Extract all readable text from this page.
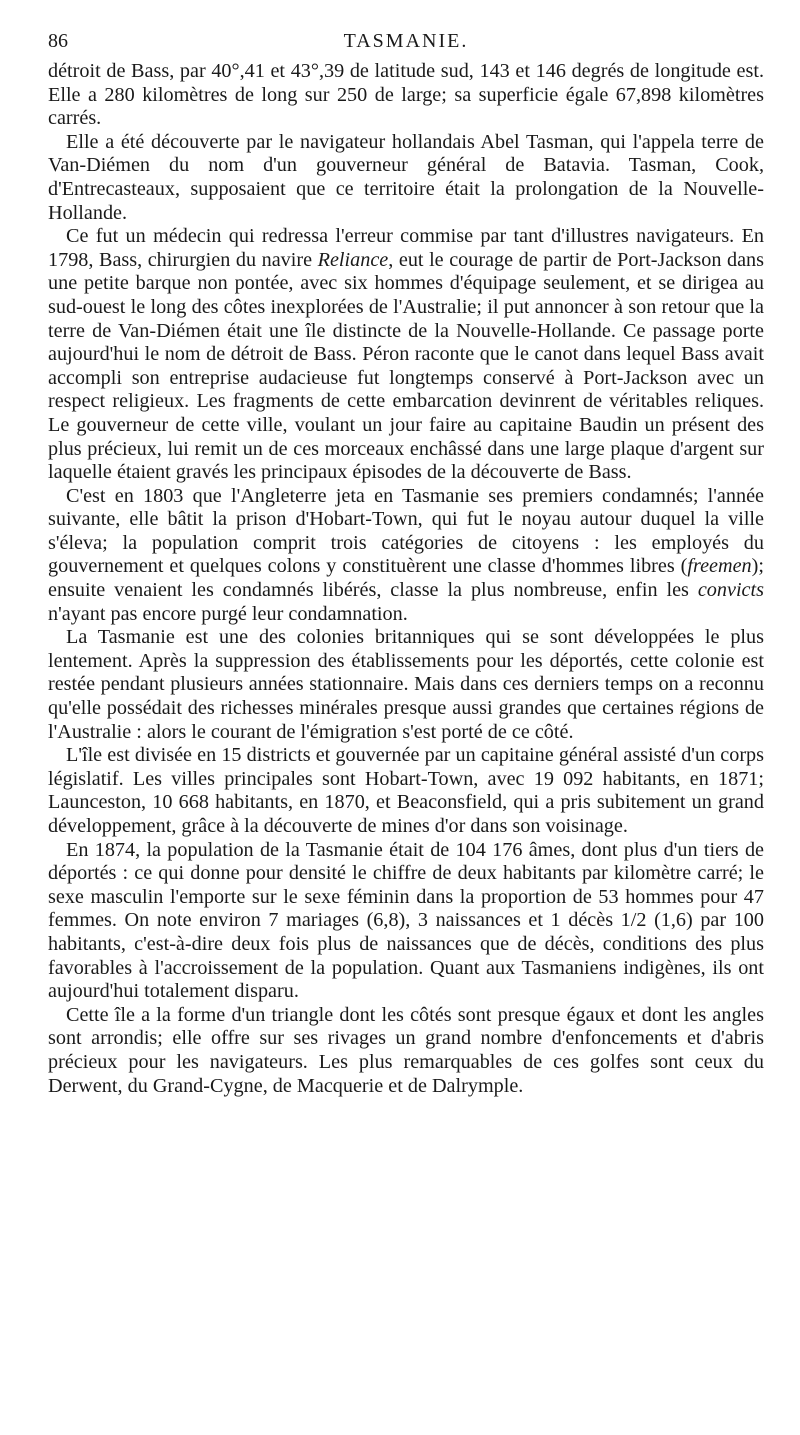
86	TASMANIE.

détroit de Bass, par 40°,41 et 43°,39 de latitude sud, 143 et 146 degrés de longitude est. Elle a 280 kilomètres de long sur 250 de large; sa superficie égale 67,898 kilomètres carrés.

Elle a été découverte par le navigateur hollandais Abel Tasman, qui l'appela terre de Van-Diémen du nom d'un gouverneur général de Batavia. Tasman, Cook, d'Entrecasteaux, supposaient que ce territoire était la prolongation de la Nouvelle-Hollande.

Ce fut un médecin qui redressa l'erreur commise par tant d'illustres navigateurs. En 1798, Bass, chirurgien du navire Reliance, eut le courage de partir de Port-Jackson dans une petite barque non pontée, avec six hommes d'équipage seulement, et se dirigea au sud-ouest le long des côtes inexplorées de l'Australie; il put annoncer à son retour que la terre de Van-Diémen était une île distincte de la Nouvelle-Hollande. Ce passage porte aujourd'hui le nom de détroit de Bass. Péron raconte que le canot dans lequel Bass avait accompli son entreprise audacieuse fut longtemps conservé à Port-Jackson avec un respect religieux. Les fragments de cette embarcation devinrent de véritables reliques. Le gouverneur de cette ville, voulant un jour faire au capitaine Baudin un présent des plus précieux, lui remit un de ces morceaux enchâssé dans une large plaque d'argent sur laquelle étaient gravés les principaux épisodes de la découverte de Bass.

C'est en 1803 que l'Angleterre jeta en Tasmanie ses premiers condamnés; l'année suivante, elle bâtit la prison d'Hobart-Town, qui fut le noyau autour duquel la ville s'éleva; la population comprit trois catégories de citoyens : les employés du gouvernement et quelques colons y constituèrent une classe d'hommes libres (freemen); ensuite venaient les condamnés libérés, classe la plus nombreuse, enfin les convicts n'ayant pas encore purgé leur condamnation.

La Tasmanie est une des colonies britanniques qui se sont développées le plus lentement. Après la suppression des établissements pour les déportés, cette colonie est restée pendant plusieurs années stationnaire. Mais dans ces derniers temps on a reconnu qu'elle possédait des richesses minérales presque aussi grandes que certaines régions de l'Australie : alors le courant de l'émigration s'est porté de ce côté.

L'île est divisée en 15 districts et gouvernée par un capitaine général assisté d'un corps législatif. Les villes principales sont Hobart-Town, avec 19 092 habitants, en 1871; Launceston, 10 668 habitants, en 1870, et Beaconsfield, qui a pris subitement un grand développement, grâce à la découverte de mines d'or dans son voisinage.

En 1874, la population de la Tasmanie était de 104 176 âmes, dont plus d'un tiers de déportés : ce qui donne pour densité le chiffre de deux habitants par kilomètre carré; le sexe masculin l'emporte sur le sexe féminin dans la proportion de 53 hommes pour 47 femmes. On note environ 7 mariages (6,8), 3 naissances et 1 décès 1/2 (1,6) par 100 habitants, c'est-à-dire deux fois plus de naissances que de décès, conditions des plus favorables à l'accroissement de la population. Quant aux Tasmaniens indigènes, ils ont aujourd'hui totalement disparu.

Cette île a la forme d'un triangle dont les côtés sont presque égaux et dont les angles sont arrondis; elle offre sur ses rivages un grand nombre d'enfoncements et d'abris précieux pour les navigateurs. Les plus remarquables de ces golfes sont ceux du Derwent, du Grand-Cygne, de Macquerie et de Dalrymple.
